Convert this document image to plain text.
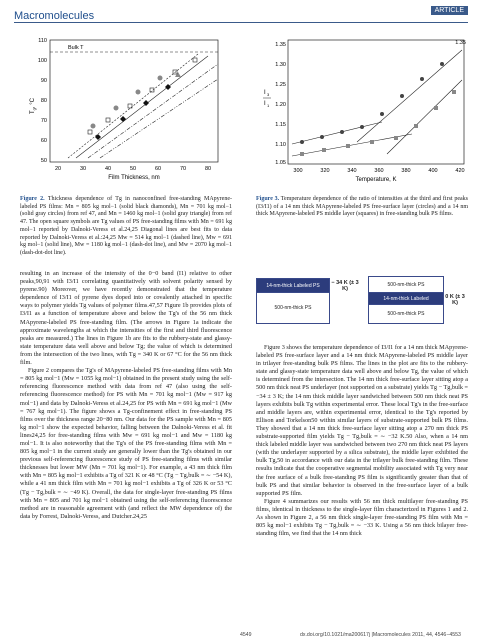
Macromolecules	ARTICLE
110
100
90
80
70
60
50
20	30	40	50	60	70	80
Film Thickness, nm
$T_g$, °C
Bulk T
1.35
300	320	340	360	380	400	420
1.35
1.30
1.25
1.20
1.15
1.10
1.05
Temperature, K
I 3
I 1
Figure 2. Thickness dependence of Tg in nanoconfined free-standing MApyrene-labeled PS films: Mn = 805 kg mol−1 (solid black diamonds), Mn = 701 kg mol−1 (solid gray circles) from ref 47, and Mn = 1460 kg mol−1 (solid gray triangle) from ref 47. The open square symbols are Tg values of PS free-standing films with Mn = 691 kg mol−1 reported by Dalnoki-Veress et al.24,25 Diagonal lines are best fits to data reported by Dalnoki-Veress et al.:24,25 Mw = 514 kg mol−1 (dashed line), Mw = 691 kg mol−1 (solid line), Mw = 1180 kg mol−1 (dash-dot line), and Mw = 2070 kg mol−1 (dash-dot-dot line).

resulting in an increase of the intensity of the 0−0 band (I1) relative to other peaks,90,91 with I3/I1 correlating quantitatively with solvent polarity sensed by pyrene.90) Moreover, we have recently demonstrated that the temperature dependence of I3/I1 of pyrene dyes doped into or covalently attached in specific ways to polymer yields Tg values of polymer films.47,57 Figure 1b provides plots of I3/I1 as a function of temperature above and below the Tg's of the 56 nm thick MApyrene-labeled PS free-standing film. (The arrows in Figure 1a indicate the approximate wavelengths at which the intensities of the first and third fluorescence peaks are measured.) The lines in Figure 1b are fits to the rubbery-state and glassy-state temperature data well above and below Tg; the value of which is determined from the intersection of the two lines, with Tg = 340 K or 67 °C for the 56 nm thick film.

Figure 2 compares the Tg's of MApyrene-labeled PS free-standing films with Mn = 805 kg mol−1 (Mw = 1055 kg mol−1) obtained in the present study using the self-referencing fluorescence method with data from ref 47 (also using the self-referencing fluorescence method) for PS with Mn = 701 kg mol−1 (Mw = 917 kg mol−1) and data by Dalnoki-Veress et al.24,25 for PS with Mn = 691 kg mol−1 (Mw = 767 kg mol−1). The figure shows a Tg-confinement effect in free-standing PS films over the thickness range 20−80 nm. Our data for the PS sample with Mn = 805 kg mol−1 show the expected behavior, falling between the Dalnoki-Veress et al. fit lines24,25 for free-standing films with Mw = 691 kg mol−1 and Mw = 1180 kg mol−1. It is also noteworthy that the Tg's of the PS free-standing films with Mn = 805 kg mol−1 in the current study are generally lower than the Tg's obtained in our previous self-referencing fluorescence study of PS free-standing films with similar thicknesses but lower MW (Mn = 701 kg mol−1). For example, a 43 nm thick film with Mn = 805 kg mol−1 exhibits a Tg of 321 K or 48 °C (Tg − Tg,bulk = ∼ −54 K), while a 41 nm thick film with Mn = 701 kg mol−1 exhibits a Tg of 326 K or 53 °C (Tg − Tg,bulk = ∼ −49 K). Overall, the data for single-layer free-standing PS films with Mn = 805 and 701 kg mol−1 obtained using the self-referencing fluorescence method are in reasonable agreement with (and reflect the MW dependence of) the data by Forrest, Dalnoki-Veress, and Dutcher.24,25

Figure 3. Temperature dependence of the ratio of intensities at the third and first peaks (I3/I1) of a 14 nm thick MApyrene-labeled PS free-surface layer (circles) and a 14 nm thick MApyrene-labeled PS middle layer (squares) in free-standing bulk PS films.
14-nm-thick Labeled PS
500-nm-thick PS
− 34 K (± 3 K)
500-nm-thick PS
14-nm-thick Labeled
500-nm-thick PS
0 K (± 3 K)

Figure 3 shows the temperature dependence of I3/I1 for a 14 nm thick MApyrene-labeled PS free-surface layer and a 14 nm thick MApyrene-labeled PS middle layer in trilayer free-standing bulk PS films. The lines in the plot are fits to the rubbery-state and glassy-state temperature data well above and below Tg, the value of which is determined from the intersection. The 14 nm thick free-surface layer sitting atop a 500 nm thick neat PS underlayer (not supported on a substrate) yields Tg − Tg,bulk = −34 ± 3 K; the 14 nm thick middle layer sandwiched between 500 nm thick neat PS layers exhibits bulk Tg within experimental error. These local Tg's in the free-surface and middle layers are, within experimental error, identical to the Tg's reported by Ellison and Torkelson50 within similar layers of substrate-supported bulk PS films. They showed that a 14 nm thick free-surface layer sitting atop a 270 nm thick PS substrate-supported film yields Tg − Tg,bulk = ∼ −32 K.50 Also, when a 14 nm thick labeled middle layer was sandwiched between two 270 nm thick neat PS layers (with the underlayer supported by a silica substrate), the middle layer exhibited the bulk Tg,50 in accordance with our data in the trilayer bulk free-standing film. These results indicate that the cooperative segmental mobility associated with Tg very near the free surface of a bulk free-standing PS film is significantly greater than that of bulk PS and that similar behavior is observed in the free-surface layer of a bulk supported PS film.

Figure 4 summarizes our results with 56 nm thick multilayer free-standing PS films, identical in thickness to the single-layer film characterized in Figures 1 and 2. As shown in Figure 2, a 56 nm thick single-layer free-standing PS film with Mn = 805 kg mol−1 exhibits Tg − Tg,bulk = ∼ −33 K. Using a 56 nm thick bilayer free-standing film, we find that the 14 nm thick

4549	dx.doi.org/10.1021/ma200617j |Macromolecules 2011, 44, 4546−4553
